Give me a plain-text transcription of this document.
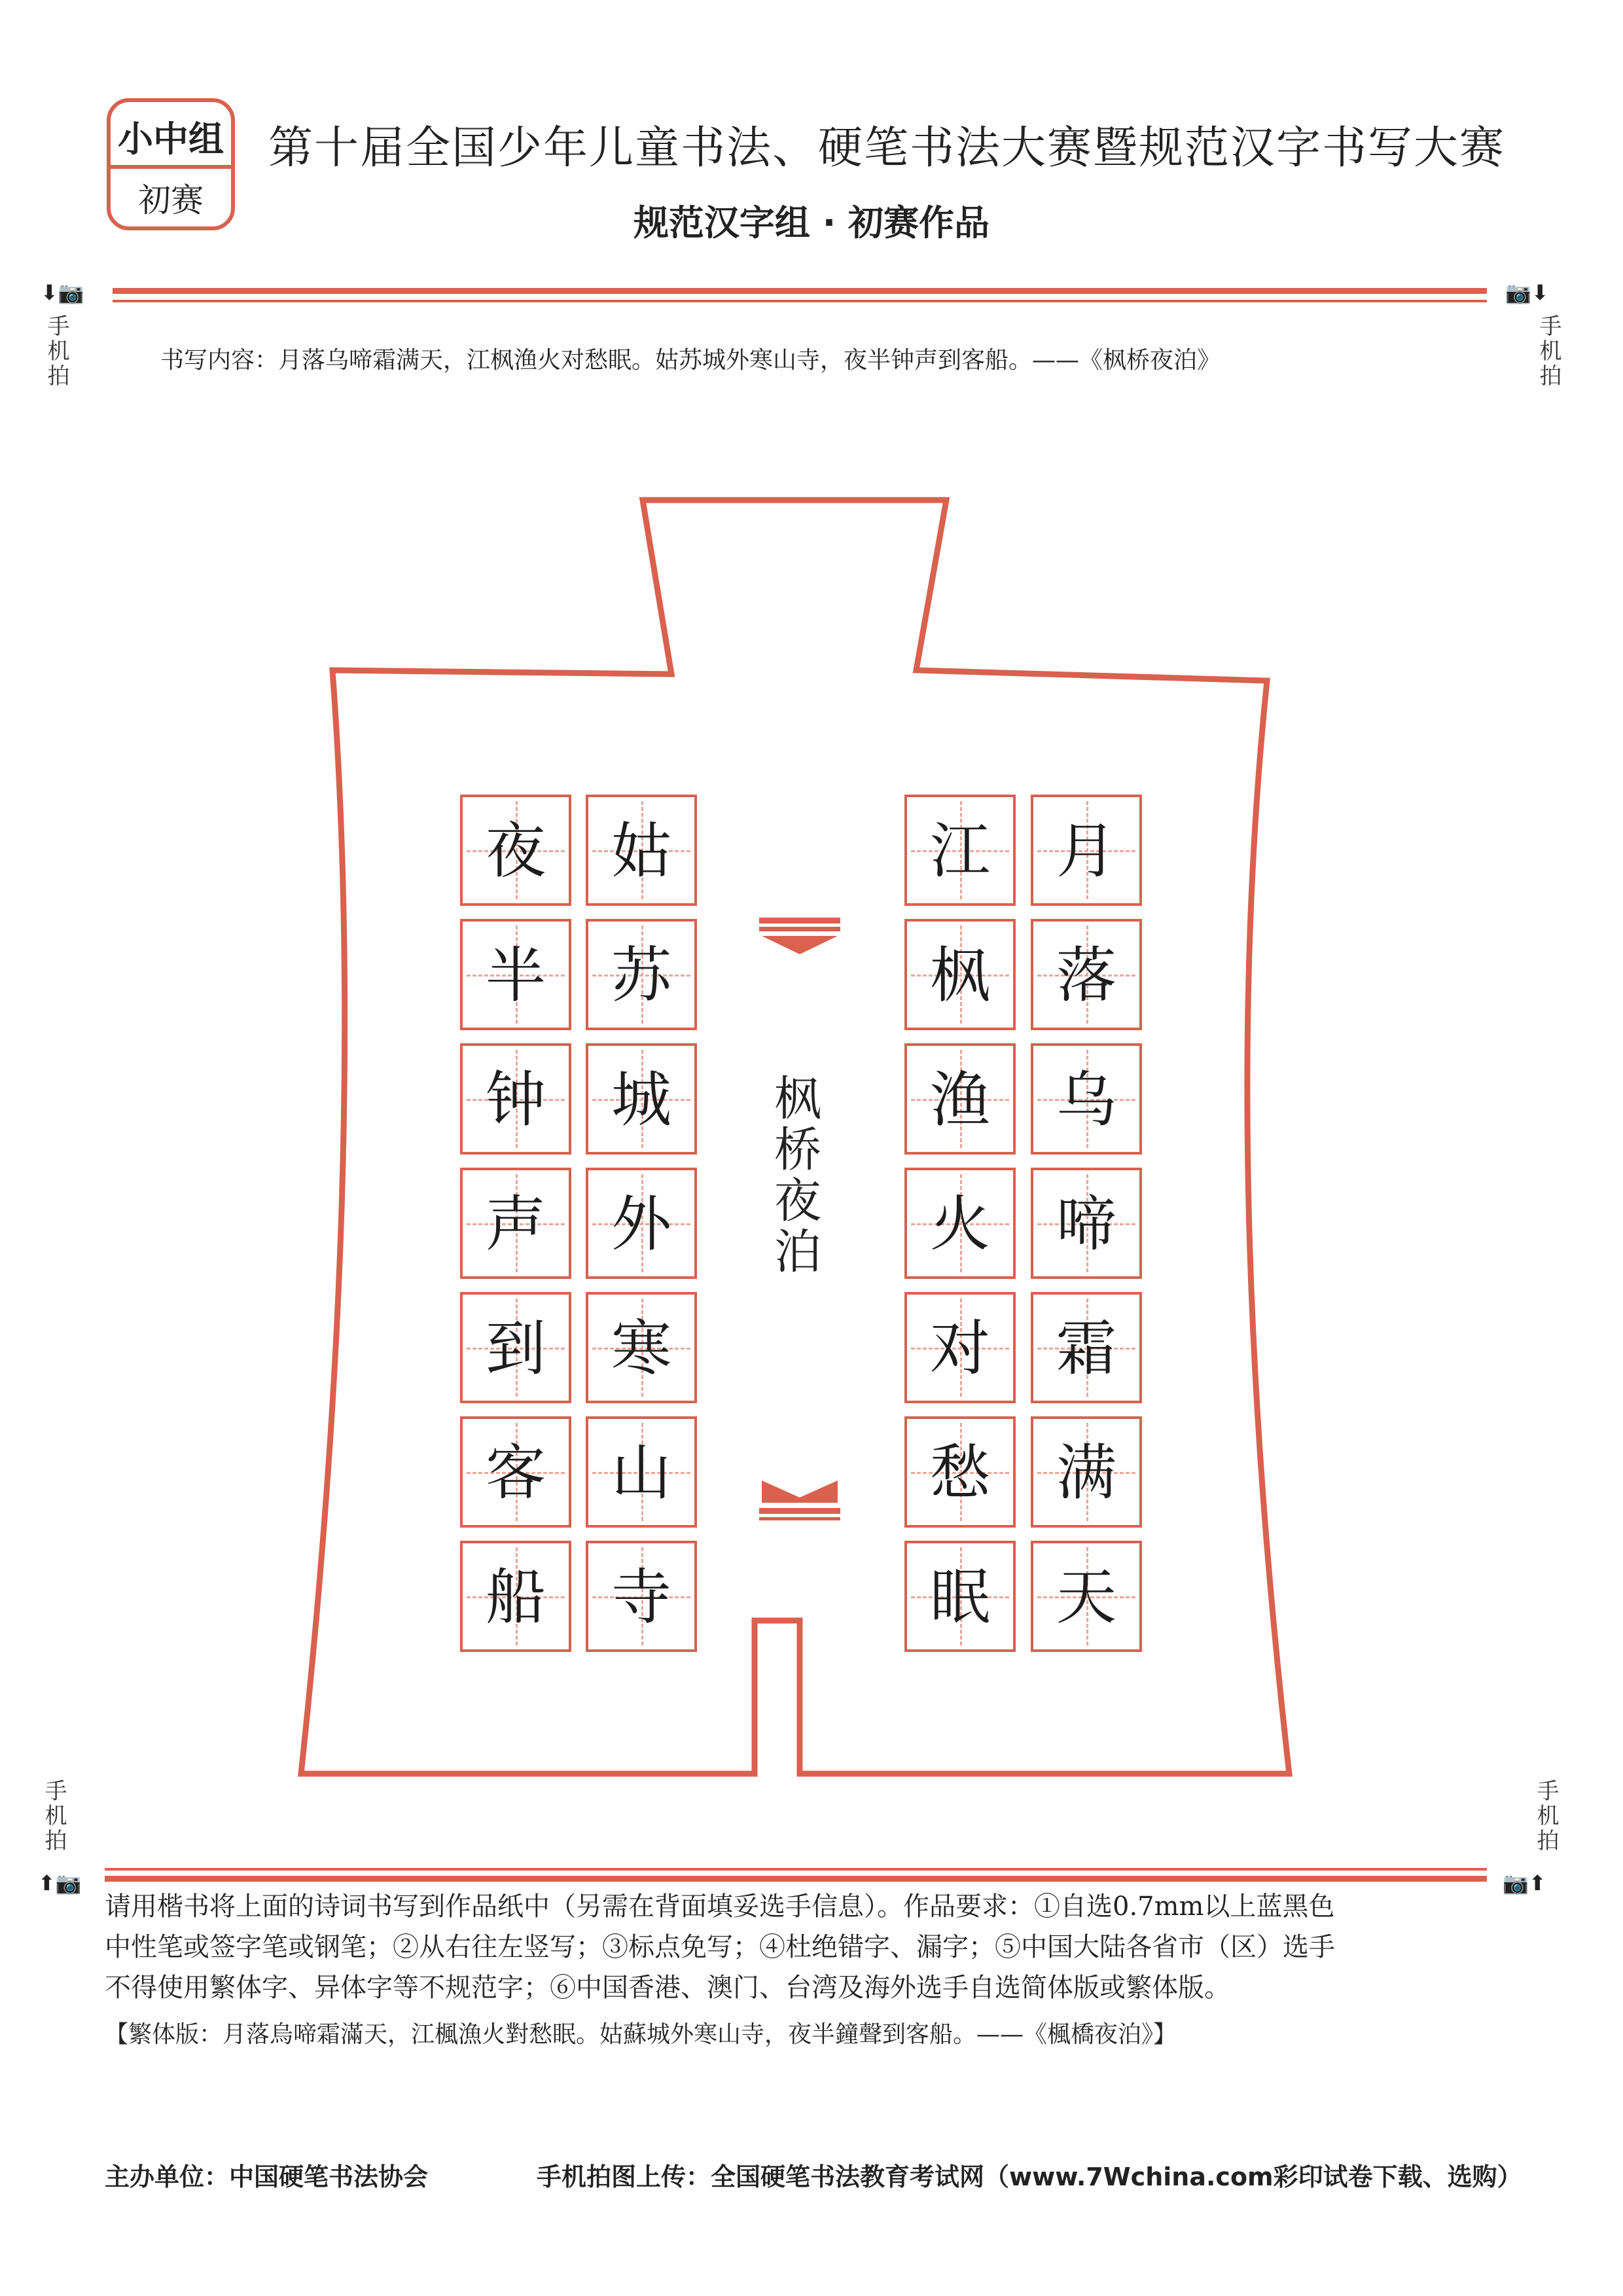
小中组
初赛
第十届全国少年儿童书法、硬笔书法大赛暨规范汉字书写大赛
规范汉字组 · 初赛作品
⬇📷	📷⬇
手机拍	手机拍
书写内容：月落乌啼霜满天，江枫渔火对愁眠。姑苏城外寒山寺，夜半钟声到客船。——《枫桥夜泊》
月
落
乌
啼
霜
满
天
江
枫
渔
火
对
愁
眠
姑
苏
城
外
寒
山
寺
夜
半
钟
声
到
客
船
枫桥夜泊
手机拍	手机拍
⬆📷	📷⬆

请用楷书将上面的诗词书写到作品纸中（另需在背面填妥选手信息）。作品要求：①自选0.7mm以上蓝黑色

中性笔或签字笔或钢笔；②从右往左竖写；③标点免写；④杜绝错字、漏字；⑤中国大陆各省市（区）选手

不得使用繁体字、异体字等不规范字；⑥中国香港、澳门、台湾及海外选手自选简体版或繁体版。

【繁体版：月落烏啼霜滿天，江楓漁火對愁眠。姑蘇城外寒山寺，夜半鐘聲到客船。——《楓橋夜泊》】
主办单位：中国硬笔书法协会	手机拍图上传：全国硬笔书法教育考试网（www.7Wchina.com彩印试卷下载、选购）
